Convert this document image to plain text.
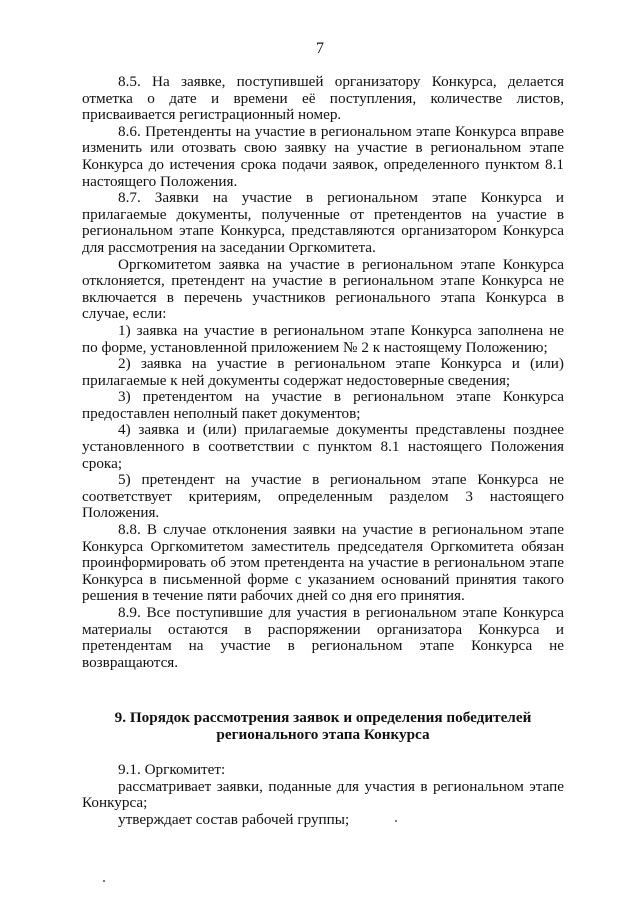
7

8.5. На заявке, поступившей организатору Конкурса, делается отметка о дате и времени её поступления, количестве листов, присваивается регистрационный номер.

8.6. Претенденты на участие в региональном этапе Конкурса вправе изменить или отозвать свою заявку на участие в региональном этапе Конкурса до истечения срока подачи заявок, определенного пунктом 8.1 настоящего Положения.

8.7. Заявки на участие в региональном этапе Конкурса и прилагаемые документы, полученные от претендентов на участие в региональном этапе Конкурса, представляются организатором Конкурса для рассмотрения на заседании Оргкомитета.

Оргкомитетом заявка на участие в региональном этапе Конкурса отклоняется, претендент на участие в региональном этапе Конкурса не включается в перечень участников регионального этапа Конкурса в случае, если:

1) заявка на участие в региональном этапе Конкурса заполнена не по форме, установленной приложением № 2 к настоящему Положению;

2) заявка на участие в региональном этапе Конкурса и (или) прилагаемые к ней документы содержат недостоверные сведения;

3) претендентом на участие в региональном этапе Конкурса предоставлен неполный пакет документов;

4) заявка и (или) прилагаемые документы представлены позднее установленного в соответствии с пунктом 8.1 настоящего Положения срока;

5) претендент на участие в региональном этапе Конкурса не соответствует критериям, определенным разделом 3 настоящего Положения.

8.8. В случае отклонения заявки на участие в региональном этапе Конкурса Оргкомитетом заместитель председателя Оргкомитета обязан проинформировать об этом претендента на участие в региональном этапе Конкурса в письменной форме с указанием оснований принятия такого решения в течение пяти рабочих дней со дня его принятия.

8.9. Все поступившие для участия в региональном этапе Конкурса материалы остаются в распоряжении организатора Конкурса и претендентам на участие в региональном этапе Конкурса не возвращаются.

9. Порядок рассмотрения заявок и определения победителей
регионального этапа Конкурса

9.1. Оргкомитет:

рассматривает заявки, поданные для участия в региональном этапе Конкурса;

утверждает состав рабочей группы;
